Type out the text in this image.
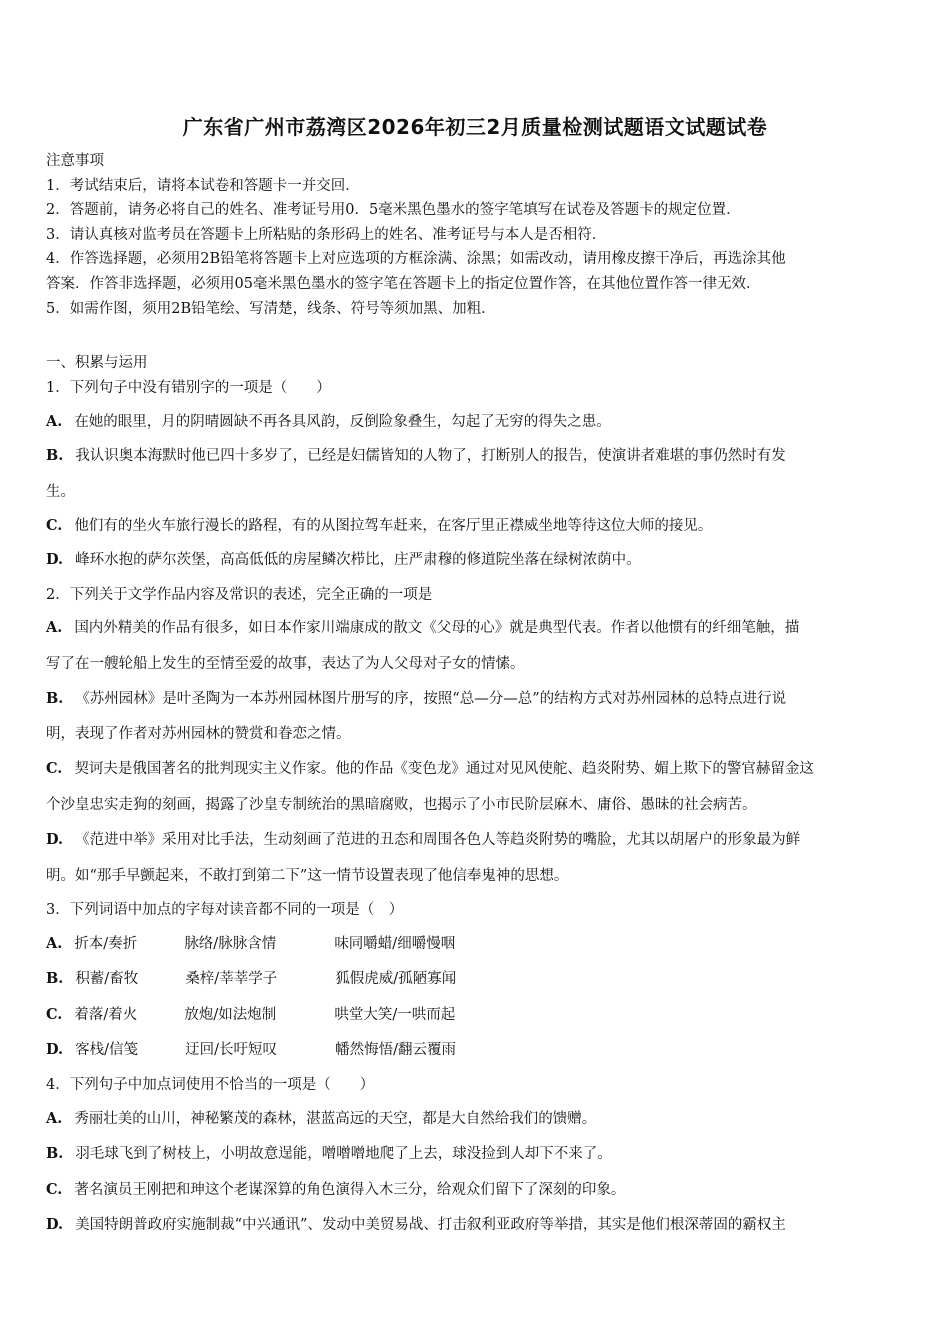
广东省广州市荔湾区2026年初三2月质量检测试题语文试题试卷
注意事项
1．考试结束后，请将本试卷和答题卡一并交回．
2．答题前，请务必将自己的姓名、准考证号用0．5毫米黑色墨水的签字笔填写在试卷及答题卡的规定位置．
3．请认真核对监考员在答题卡上所粘贴的条形码上的姓名、准考证号与本人是否相符．
4．作答选择题，必须用2B铅笔将答题卡上对应选项的方框涂满、涂黑；如需改动，请用橡皮擦干净后，再选涂其他
答案．作答非选择题，必须用05毫米黑色墨水的签字笔在答题卡上的指定位置作答，在其他位置作答一律无效．
5．如需作图，须用2B铅笔绘、写清楚，线条、符号等须加黑、加粗．
一、积累与运用
1．下列句子中没有错别字的一项是（　　）
A. 在她的眼里，月的阴晴圆缺不再各具风韵，反倒险象叠生，勾起了无穷的得失之患。
B. 我认识奥本海默时他已四十多岁了，已经是妇儒皆知的人物了，打断别人的报告，使演讲者难堪的事仍然时有发
生。
C. 他们有的坐火车旅行漫长的路程，有的从图拉驾车赶来，在客厅里正襟威坐地等待这位大师的接见。
D. 峰环水抱的萨尔茨堡，高高低低的房屋鳞次栉比，庄严肃穆的修道院坐落在绿树浓荫中。
2．下列关于文学作品内容及常识的表述，完全正确的一项是
A. 国内外精美的作品有很多，如日本作家川端康成的散文《父母的心》就是典型代表。作者以他惯有的纤细笔触，描
写了在一艘轮船上发生的至情至爱的故事，表达了为人父母对子女的情愫。
B. 《苏州园林》是叶圣陶为一本苏州园林图片册写的序，按照“总—分—总”的结构方式对苏州园林的总特点进行说
明，表现了作者对苏州园林的赞赏和眷恋之情。
C. 契诃夫是俄国著名的批判现实主义作家。他的作品《变色龙》通过对见风使舵、趋炎附势、媚上欺下的警官赫留金这
个沙皇忠实走狗的刻画，揭露了沙皇专制统治的黑暗腐败，也揭示了小市民阶层麻木、庸俗、愚昧的社会病苦。
D. 《范进中举》采用对比手法，生动刻画了范进的丑态和周围各色人等趋炎附势的嘴脸，尤其以胡屠户的形象最为鲜
明。如“那手早颤起来，不敢打到第二下”这一情节设置表现了他信奉鬼神的思想。
3．下列词语中加点的字每对读音都不同的一项是（　）
A. 折本/奏折	脉络/脉脉含情	味同嚼蜡/细嚼慢咽
B. 积蓄/畜牧	桑梓/莘莘学子	狐假虎威/孤陋寡闻
C. 着落/着火	放炮/如法炮制	哄堂大笑/一哄而起
D. 客栈/信笺	迂回/长吁短叹	幡然悔悟/翻云覆雨
4．下列句子中加点词使用不恰当的一项是（　　）
A. 秀丽壮美的山川，神秘繁茂的森林，湛蓝高远的天空，都是大自然给我们的馈赠。
B. 羽毛球飞到了树枝上，小明故意逞能，噌噌噌地爬了上去，球没捡到人却下不来了。
C. 著名演员王刚把和珅这个老谋深算的角色演得入木三分，给观众们留下了深刻的印象。
D. 美国特朗普政府实施制裁“中兴通讯”、发动中美贸易战、打击叙利亚政府等举措，其实是他们根深蒂固的霸权主
